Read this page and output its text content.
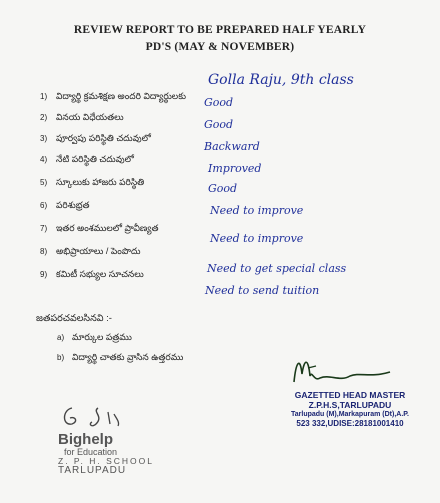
REVIEW REPORT TO BE PREPARED HALF YEARLY
PD'S (MAY & NOVEMBER)
Golla Raju, 9th class
1) విద్యార్థి క్రమశిక్షణ అందరి విద్యార్థులకు
2) వినయ విధేయతలు
Good
3) పూర్వపు పరిస్థితి చదువులో
Good
4) నేటి పరిస్థితి చదువులో
Backward
5) స్కూలుకు హాజరు పరిస్థితి
Improved
6) పరిశుభ్రత
Good
7) ఇతర అంశములలో ప్రావీణ్యత
Need to improve
8) అభిప్రాయాలు / పెంపొదు
Need to improve
9) కమిటీ సభ్యుల సూచనలు	Need to get special class
Need to send tuition
జతపరచవలసినవి :-
a) మార్కుల పత్రము
b) విద్యార్థి చాతకు వ్రాసిన ఉత్తరము
GAZETTED HEAD MASTER
Z.P.H.S,TARLUPADU
Tarlupadu (M),Markapuram (Dt),A.P.
523 332,UDISE:28181001410
Bighelp
for Education
Z. P. H. SCHOOL
TARLUPADU
